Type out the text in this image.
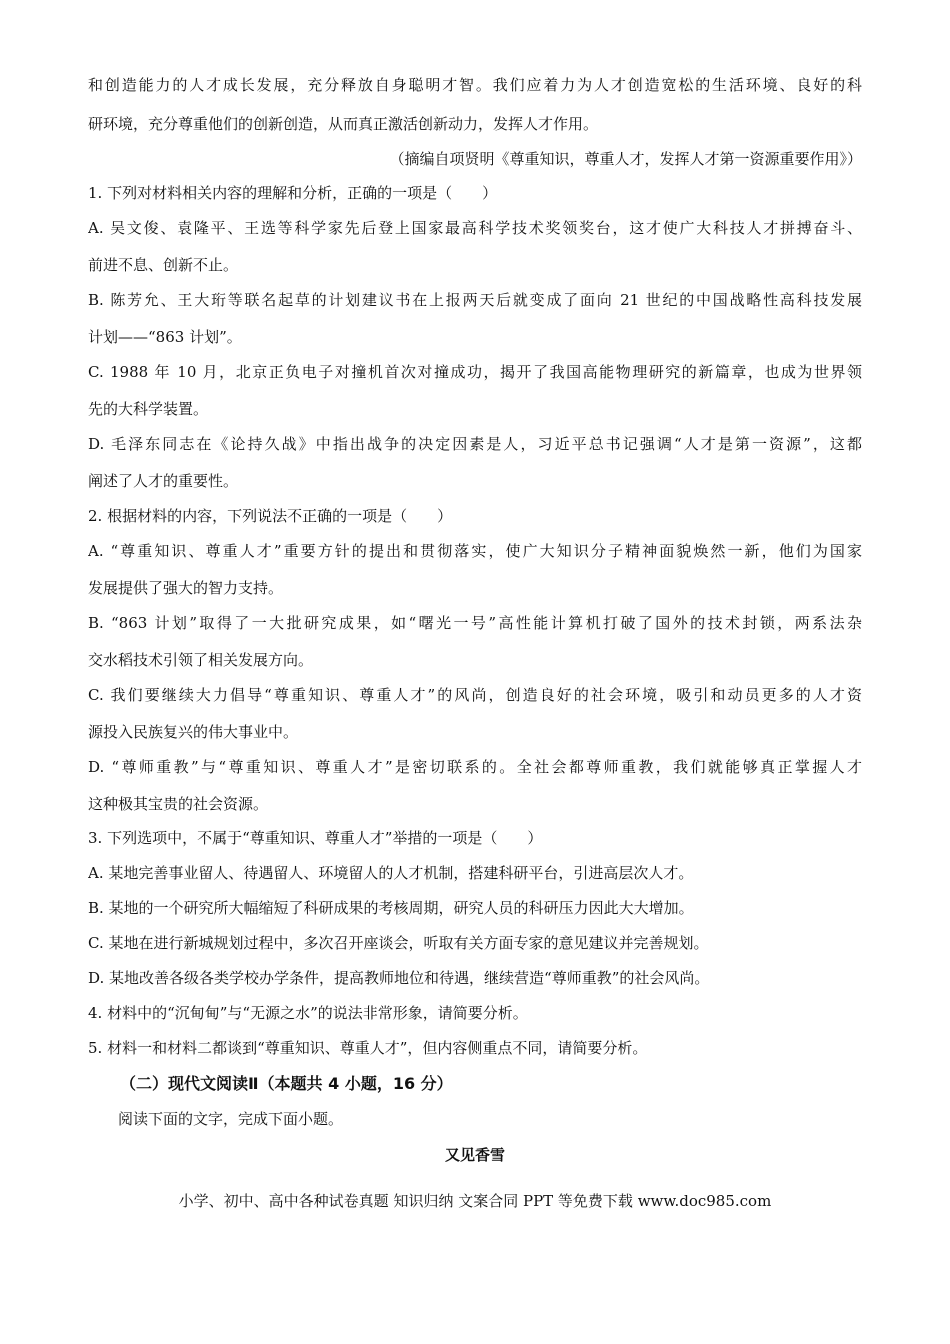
和创造能力的人才成长发展，充分释放自身聪明才智。我们应着力为人才创造宽松的生活环境、良好的科
研环境，充分尊重他们的创新创造，从而真正激活创新动力，发挥人才作用。
（摘编自项贤明《尊重知识，尊重人才，发挥人才第一资源重要作用》）
1. 下列对材料相关内容的理解和分析，正确的一项是（　　）
A. 吴文俊、袁隆平、王选等科学家先后登上国家最高科学技术奖领奖台，这才使广大科技人才拼搏奋斗、
前进不息、创新不止。
B. 陈芳允、王大珩等联名起草的计划建议书在上报两天后就变成了面向 21 世纪的中国战略性高科技发展
计划——“863 计划”。
C. 1988 年 10 月，北京正负电子对撞机首次对撞成功，揭开了我国高能物理研究的新篇章，也成为世界领
先的大科学装置。
D. 毛泽东同志在《论持久战》中指出战争的决定因素是人，习近平总书记强调“人才是第一资源”，这都
阐述了人才的重要性。
2. 根据材料的内容，下列说法不正确的一项是（　　）
A. “尊重知识、尊重人才”重要方针的提出和贯彻落实，使广大知识分子精神面貌焕然一新，他们为国家
发展提供了强大的智力支持。
B. “863 计划”取得了一大批研究成果，如“曙光一号”高性能计算机打破了国外的技术封锁，两系法杂
交水稻技术引领了相关发展方向。
C. 我们要继续大力倡导“尊重知识、尊重人才”的风尚，创造良好的社会环境，吸引和动员更多的人才资
源投入民族复兴的伟大事业中。
D. “尊师重教”与“尊重知识、尊重人才”是密切联系的。全社会都尊师重教，我们就能够真正掌握人才
这种极其宝贵的社会资源。
3. 下列选项中，不属于“尊重知识、尊重人才”举措的一项是（　　）
A. 某地完善事业留人、待遇留人、环境留人的人才机制，搭建科研平台，引进高层次人才。
B. 某地的一个研究所大幅缩短了科研成果的考核周期，研究人员的科研压力因此大大增加。
C. 某地在进行新城规划过程中，多次召开座谈会，听取有关方面专家的意见建议并完善规划。
D. 某地改善各级各类学校办学条件，提高教师地位和待遇，继续营造“尊师重教”的社会风尚。
4. 材料中的“沉甸甸”与“无源之水”的说法非常形象，请简要分析。
5. 材料一和材料二都谈到“尊重知识、尊重人才”，但内容侧重点不同，请简要分析。
（二）现代文阅读Ⅱ（本题共 4 小题，16 分）
阅读下面的文字，完成下面小题。
又见香雪
小学、初中、高中各种试卷真题 知识归纳 文案合同 PPT 等免费下载 www.doc985.com
